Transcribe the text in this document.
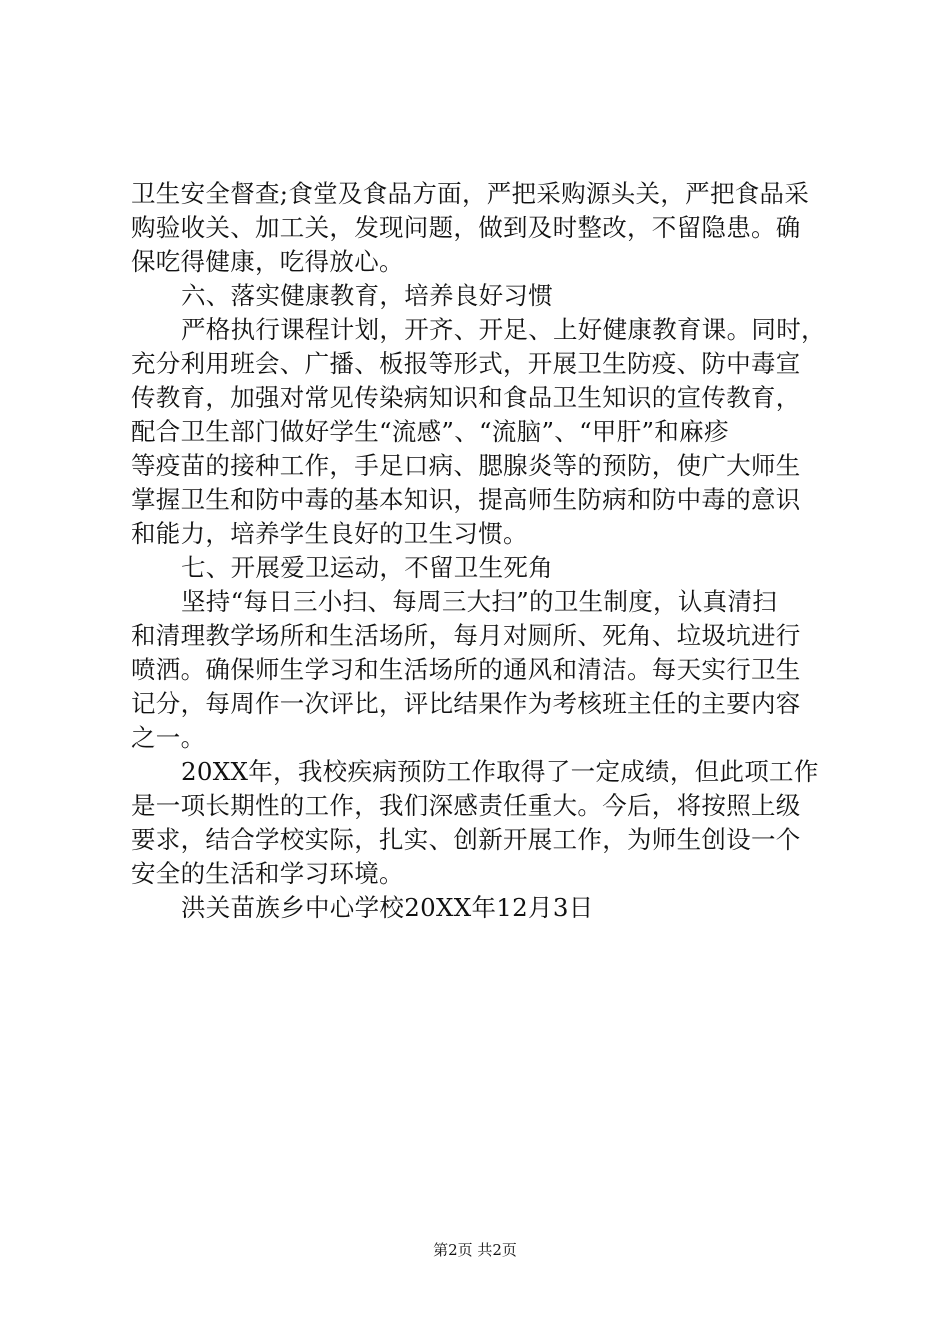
卫生安全督查;食堂及食品方面，严把采购源头关，严把食品采
购验收关、加工关，发现问题，做到及时整改，不留隐患。确
保吃得健康，吃得放心。
六、落实健康教育，培养良好习惯
严格执行课程计划，开齐、开足、上好健康教育课。同时，
充分利用班会、广播、板报等形式，开展卫生防疫、防中毒宣
传教育，加强对常见传染病知识和食品卫生知识的宣传教育，
配合卫生部门做好学生“流感”、“流脑”、“甲肝”和麻疹
等疫苗的接种工作，手足口病、腮腺炎等的预防，使广大师生
掌握卫生和防中毒的基本知识，提高师生防病和防中毒的意识
和能力，培养学生良好的卫生习惯。
七、开展爱卫运动，不留卫生死角
坚持“每日三小扫、每周三大扫”的卫生制度，认真清扫
和清理教学场所和生活场所，每月对厕所、死角、垃圾坑进行
喷洒。确保师生学习和生活场所的通风和清洁。每天实行卫生
记分，每周作一次评比，评比结果作为考核班主任的主要内容
之一。
20XX年，我校疾病预防工作取得了一定成绩，但此项工作
是一项长期性的工作，我们深感责任重大。今后，将按照上级
要求，结合学校实际，扎实、创新开展工作，为师生创设一个
安全的生活和学习环境。
洪关苗族乡中心学校20XX年12月3日
第2页 共2页
